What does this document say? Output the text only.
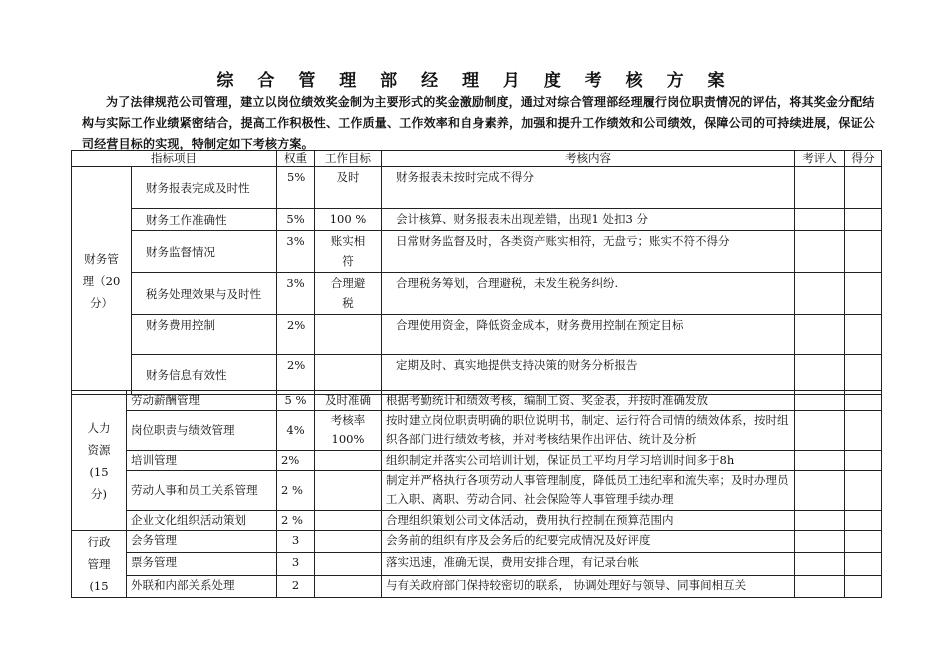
综 合 管 理 部 经 理 月 度 考 核 方 案
为了法律规范公司管理，建立以岗位绩效奖金制为主要形式的奖金激励制度，通过对综合管理部经理履行岗位职责情况的评估，将其奖金分配结构与实际工作业绩紧密结合，提高工作积极性、工作质量、工作效率和自身素养，加强和提升工作绩效和公司绩效，保障公司的可持续进展，保证公司经营目标的实现，特制定如下考核方案。
指标项目		权重	工作目标	考核内容	考评人	得分
财务管理（20分）	财务报表完成及时性	5%	及时	财务报表未按时完成不得分		
	财务工作准确性	5%	100 %	会计核算、财务报表未出现差错，出现1 处扣3 分		
	财务监督情况	3%	账实相符	日常财务监督及时，各类资产账实相符，无盘亏；账实不符不得分		
	税务处理效果与及时性	3%	合理避税	合理税务筹划，合理避税，未发生税务纠纷.		
	财务费用控制	2%		合理使用资金，降低资金成本，财务费用控制在预定目标		
	财务信息有效性	2%		定期及时、真实地提供支持决策的财务分析报告		
人力资源(15分)	劳动薪酬管理	5 %	及时准确	根据考勤统计和绩效考核，编制工资、奖金表，并按时准确发放		
	岗位职责与绩效管理	4%	考核率100%	按时建立岗位职责明确的职位说明书，制定、运行符合司情的绩效体系，按时组织各部门进行绩效考核，并对考核结果作出评估、统计及分析		
	培训管理	2%		组织制定并落实公司培训计划，保证员工平均月学习培训时间多于8h		
	劳动人事和员工关系管理	2 %		制定并严格执行各项劳动人事管理制度，降低员工违纪率和流失率；及时办理员工入职、离职、劳动合同、社会保险等人事管理手续办理		
	企业文化组织活动策划	2 %		合理组织策划公司文体活动，费用执行控制在预算范围内		
行政管理(15	会务管理	3		会务前的组织有序及会务后的纪要完成情况及好评度		
	票务管理	3		落实迅速，准确无误，费用安排合理，有记录台帐		
	外联和内部关系处理	2		与有关政府部门保持较密切的联系， 协调处理好与领导、同事间相互关		
